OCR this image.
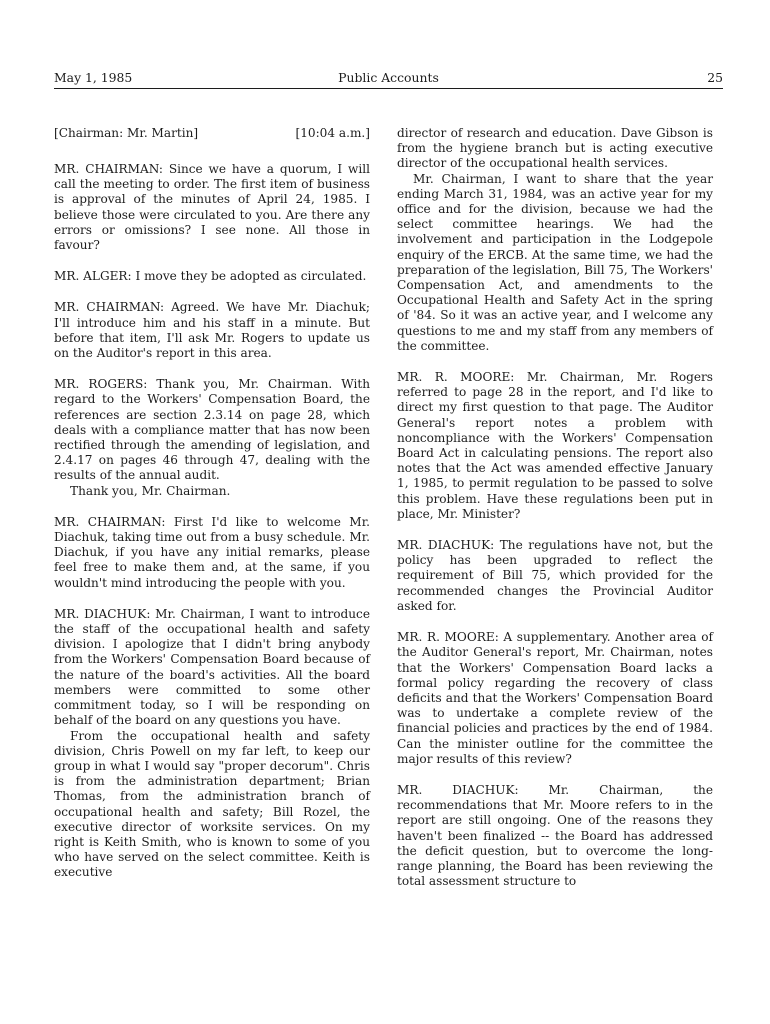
May 1, 1985	Public Accounts	25
[Chairman: Mr. Martin]	[10:04 a.m.]

MR. CHAIRMAN: Since we have a quorum, I will call the meeting to order. The first item of business is approval of the minutes of April 24, 1985. I believe those were circulated to you. Are there any errors or omissions? I see none. All those in favour?

MR. ALGER: I move they be adopted as circulated.

MR. CHAIRMAN: Agreed. We have Mr. Diachuk; I'll introduce him and his staff in a minute. But before that item, I'll ask Mr. Rogers to update us on the Auditor's report in this area.

MR. ROGERS: Thank you, Mr. Chairman. With regard to the Workers' Compensation Board, the references are section 2.3.14 on page 28, which deals with a compliance matter that has now been rectified through the amending of legislation, and 2.4.17 on pages 46 through 47, dealing with the results of the annual audit.

Thank you, Mr. Chairman.

MR. CHAIRMAN: First I'd like to welcome Mr. Diachuk, taking time out from a busy schedule. Mr. Diachuk, if you have any initial remarks, please feel free to make them and, at the same, if you wouldn't mind introducing the people with you.

MR. DIACHUK: Mr. Chairman, I want to introduce the staff of the occupational health and safety division. I apologize that I didn't bring anybody from the Workers' Compensation Board because of the nature of the board's activities. All the board members were committed to some other commitment today, so I will be responding on behalf of the board on any questions you have.

From the occupational health and safety division, Chris Powell on my far left, to keep our group in what I would say "proper decorum". Chris is from the administration department; Brian Thomas, from the administration branch of occupational health and safety; Bill Rozel, the executive director of worksite services. On my right is Keith Smith, who is known to some of you who have served on the select committee. Keith is executive

director of research and education. Dave Gibson is from the hygiene branch but is acting executive director of the occupational health services.

Mr. Chairman, I want to share that the year ending March 31, 1984, was an active year for my office and for the division, because we had the select committee hearings. We had the involvement and participation in the Lodgepole enquiry of the ERCB. At the same time, we had the preparation of the legislation, Bill 75, The Workers' Compensation Act, and amendments to the Occupational Health and Safety Act in the spring of '84. So it was an active year, and I welcome any questions to me and my staff from any members of the committee.

MR. R. MOORE: Mr. Chairman, Mr. Rogers referred to page 28 in the report, and I'd like to direct my first question to that page. The Auditor General's report notes a problem with noncompliance with the Workers' Compensation Board Act in calculating pensions. The report also notes that the Act was amended effective January 1, 1985, to permit regulation to be passed to solve this problem. Have these regulations been put in place, Mr. Minister?

MR. DIACHUK: The regulations have not, but the policy has been upgraded to reflect the requirement of Bill 75, which provided for the recommended changes the Provincial Auditor asked for.

MR. R. MOORE: A supplementary. Another area of the Auditor General's report, Mr. Chairman, notes that the Workers' Compensation Board lacks a formal policy regarding the recovery of class deficits and that the Workers' Compensation Board was to undertake a complete review of the financial policies and practices by the end of 1984. Can the minister outline for the committee the major results of this review?

MR. DIACHUK: Mr. Chairman, the recommendations that Mr. Moore refers to in the report are still ongoing. One of the reasons they haven't been finalized -- the Board has addressed the deficit question, but to overcome the long-range planning, the Board has been reviewing the total assessment structure to
